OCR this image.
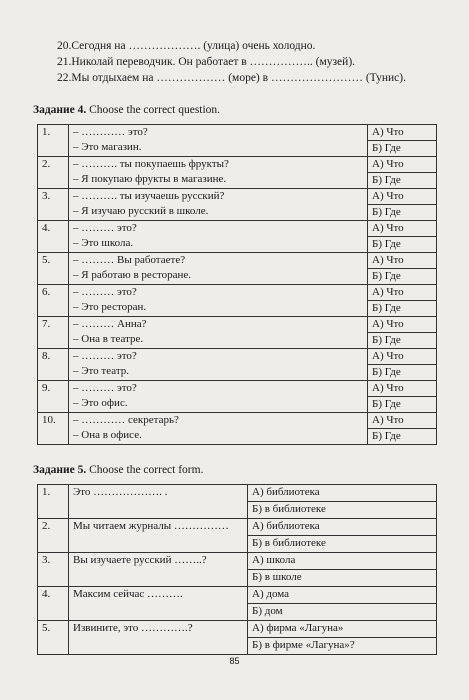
20.Сегодня на ………………. (улица) очень холодно.
21.Николай переводчик. Он работает в …………….. (музей).
22.Мы отдыхаем на ……………… (море) в …………………… (Тунис).
Задание 4. Choose the correct question.
1.	– ………… это?
– Это магазин.	А) Что
		Б) Где
2.	– ………. ты покупаешь фрукты?
– Я покупаю фрукты в магазине.	А) Что
		Б) Где
3.	– ………. ты изучаешь русский?
– Я изучаю русский в школе.	А) Что
		Б) Где
4.	– ……… это?
– Это школа.	А) Что
		Б) Где
5.	– ……… Вы работаете?
– Я работаю в ресторане.	А) Что
		Б) Где
6.	– ……… это?
– Это ресторан.	А) Что
		Б) Где
7.	– ……… Анна?
– Она в театре.	А) Что
		Б) Где
8.	– ……… это?
– Это театр.	А) Что
		Б) Где
9.	– ……… это?
– Это офис.	А) Что
		Б) Где
10.	– ………… секретарь?
– Она в офисе.	А) Что
		Б) Где
Задание 5. Choose the correct form.
1.	Это ………………. .	А) библиотека
		Б) в библиотеке
2.	Мы читаем журналы ……………	А) библиотека
		Б) в библиотеке
3.	Вы изучаете русский ……..?	А) школа
		Б) в школе
4.	Максим сейчас ……….	А) дома
		Б) дом
5.	Извините, это ………….?	А) фирма «Лагуна»
		Б) в фирме «Лагуна»?
85
